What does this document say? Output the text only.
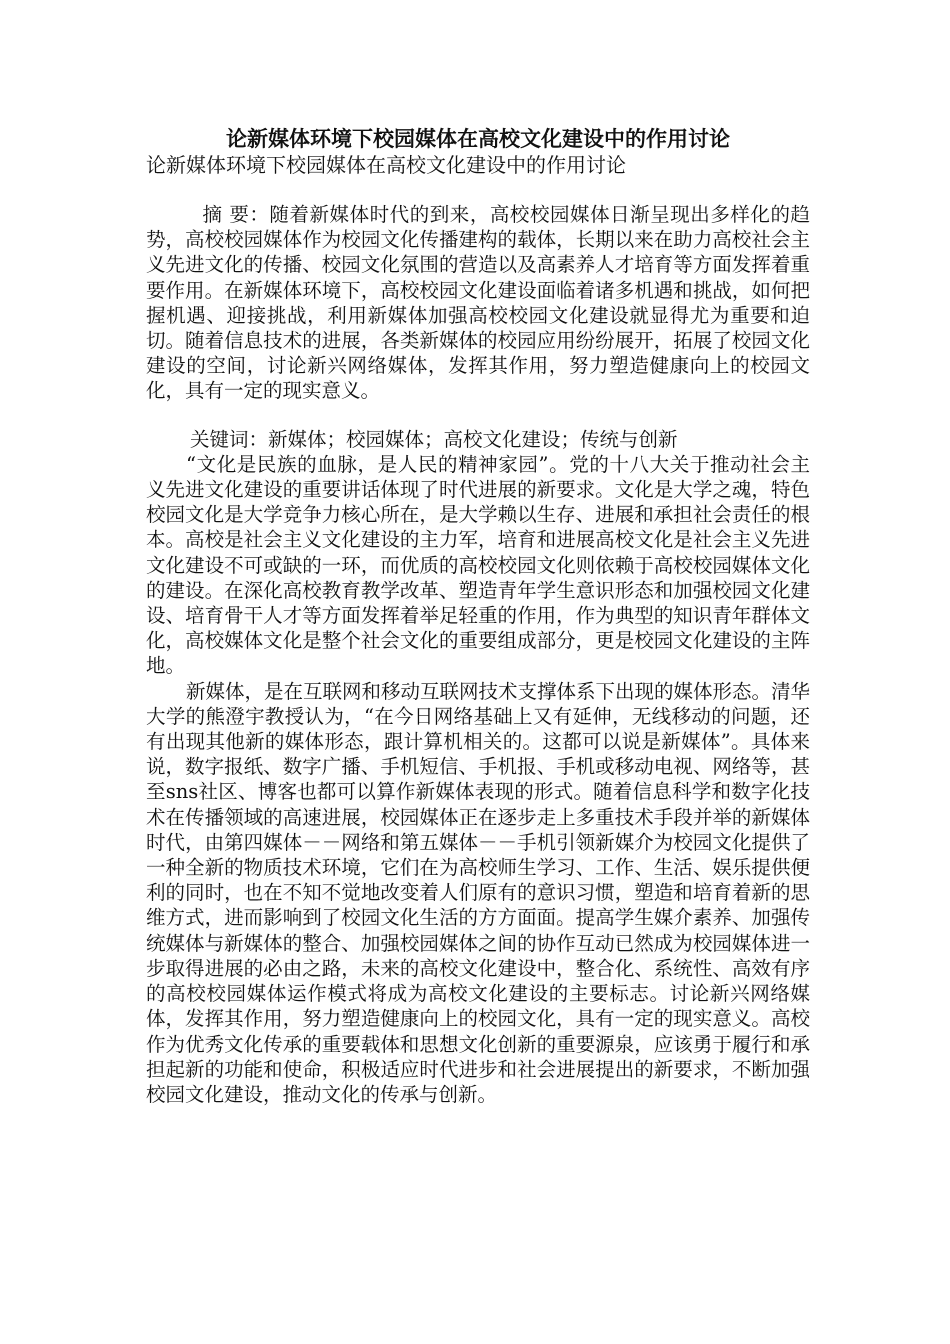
论新媒体环境下校园媒体在高校文化建设中的作用讨论

论新媒体环境下校园媒体在高校文化建设中的作用讨论

摘 要：随着新媒体时代的到来，高校校园媒体日渐呈现出多样化的趋势，高校校园媒体作为校园文化传播建构的载体，长期以来在助力高校社会主义先进文化的传播、校园文化氛围的营造以及高素养人才培育等方面发挥着重要作用。在新媒体环境下，高校校园文化建设面临着诸多机遇和挑战，如何把握机遇、迎接挑战，利用新媒体加强高校校园文化建设就显得尤为重要和迫切。随着信息技术的进展，各类新媒体的校园应用纷纷展开，拓展了校园文化建设的空间，讨论新兴网络媒体，发挥其作用，努力塑造健康向上的校园文化，具有一定的现实意义。

关键词：新媒体；校园媒体；高校文化建设；传统与创新

“文化是民族的血脉，是人民的精神家园”。党的十八大关于推动社会主义先进文化建设的重要讲话体现了时代进展的新要求。文化是大学之魂，特色校园文化是大学竞争力核心所在，是大学赖以生存、进展和承担社会责任的根本。高校是社会主义文化建设的主力军，培育和进展高校文化是社会主义先进文化建设不可或缺的一环，而优质的高校校园文化则依赖于高校校园媒体文化的建设。在深化高校教育教学改革、塑造青年学生意识形态和加强校园文化建设、培育骨干人才等方面发挥着举足轻重的作用，作为典型的知识青年群体文化，高校媒体文化是整个社会文化的重要组成部分，更是校园文化建设的主阵地。

新媒体，是在互联网和移动互联网技术支撑体系下出现的媒体形态。清华大学的熊澄宇教授认为，“在今日网络基础上又有延伸，无线移动的问题，还有出现其他新的媒体形态，跟计算机相关的。这都可以说是新媒体”。具体来说，数字报纸、数字广播、手机短信、手机报、手机或移动电视、网络等，甚至sns社区、博客也都可以算作新媒体表现的形式。随着信息科学和数字化技术在传播领域的高速进展，校园媒体正在逐步走上多重技术手段并举的新媒体时代，由第四媒体－－网络和第五媒体－－手机引领新媒介为校园文化提供了一种全新的物质技术环境，它们在为高校师生学习、工作、生活、娱乐提供便利的同时，也在不知不觉地改变着人们原有的意识习惯，塑造和培育着新的思维方式，进而影响到了校园文化生活的方方面面。提高学生媒介素养、加强传统媒体与新媒体的整合、加强校园媒体之间的协作互动已然成为校园媒体进一步取得进展的必由之路，未来的高校文化建设中，整合化、系统性、高效有序的高校校园媒体运作模式将成为高校文化建设的主要标志。讨论新兴网络媒体，发挥其作用，努力塑造健康向上的校园文化，具有一定的现实意义。高校作为优秀文化传承的重要载体和思想文化创新的重要源泉，应该勇于履行和承担起新的功能和使命，积极适应时代进步和社会进展提出的新要求，不断加强校园文化建设，推动文化的传承与创新。
